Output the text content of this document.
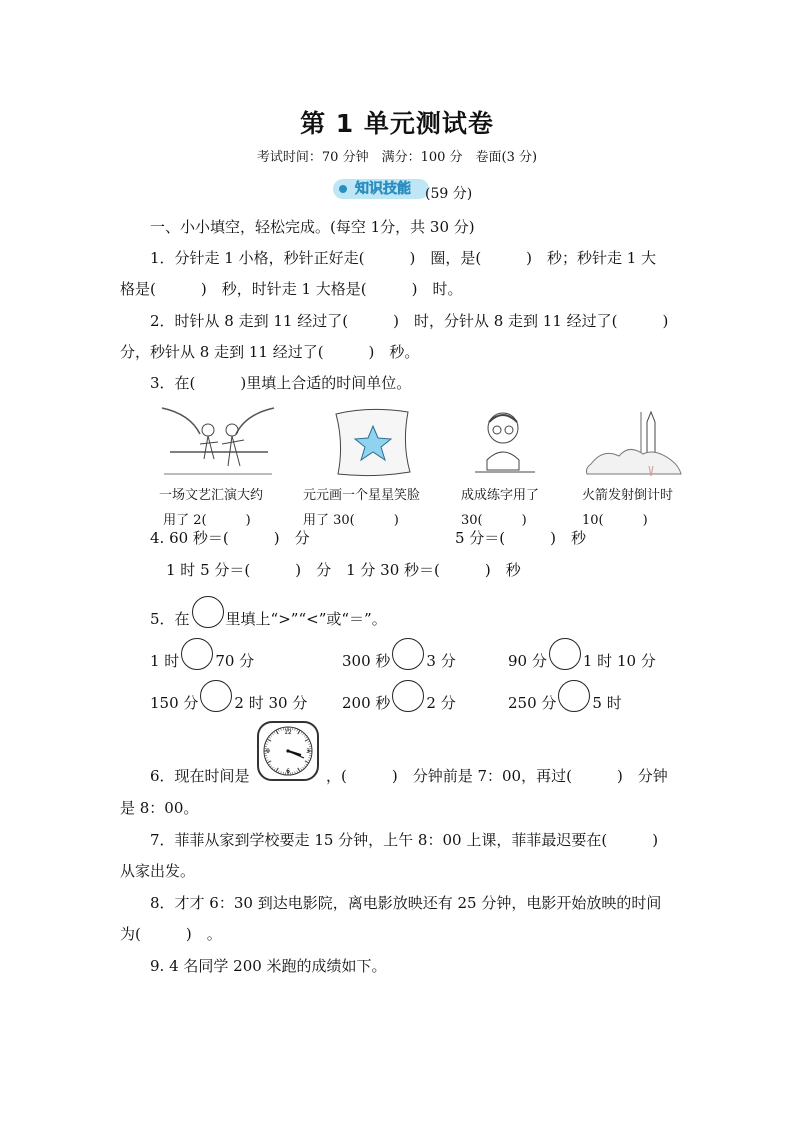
第 1 单元测试卷
考试时间：70 分钟　满分：100 分　卷面(3 分)
知识技能 (59 分)
一、小小填空，轻松完成。(每空 1分，共 30 分)
1．分针走 1 小格，秒针正好走(　　　)　圈，是(　　　)　秒；秒针走 1 大
格是(　　　)　秒，时针走 1 大格是(　　　)　时。
2．时针从 8 走到 11 经过了(　　　)　时，分针从 8 走到 11 经过了(　　　)
分，秒针从 8 走到 11 经过了(　　　)　秒。
3．在(　　　)里填上合适的时间单位。
一场文艺汇演大约
用了 2(　　　)
元元画一个星星笑脸
用了 30(　　　)
成成练字用了
30(　　　)
火箭发射倒计时
10(　　　)
4. 60 秒＝(　　　)　分	5 分＝(　　　)　秒
1 时 5 分＝(　　　)　分　1 分 30 秒＝(　　　)　秒
5．在 里填上“>”“<”或“＝”。
1 时 70 分	300 秒 3 分	90 分 1 时 10 分
150 分 2 时 30 分 200 秒 2 分	250 分 5 时
6．现在时间是
12
3
6
9
，(　　　)　分钟前是 7：00，再过(　　　)　分钟
是 8：00。
7．菲菲从家到学校要走 15 分钟，上午 8：00 上课，菲菲最迟要在(　　　)
从家出发。
8．才才 6：30 到达电影院，离电影放映还有 25 分钟，电影开始放映的时间
为(　　　)　。
9. 4 名同学 200 米跑的成绩如下。
